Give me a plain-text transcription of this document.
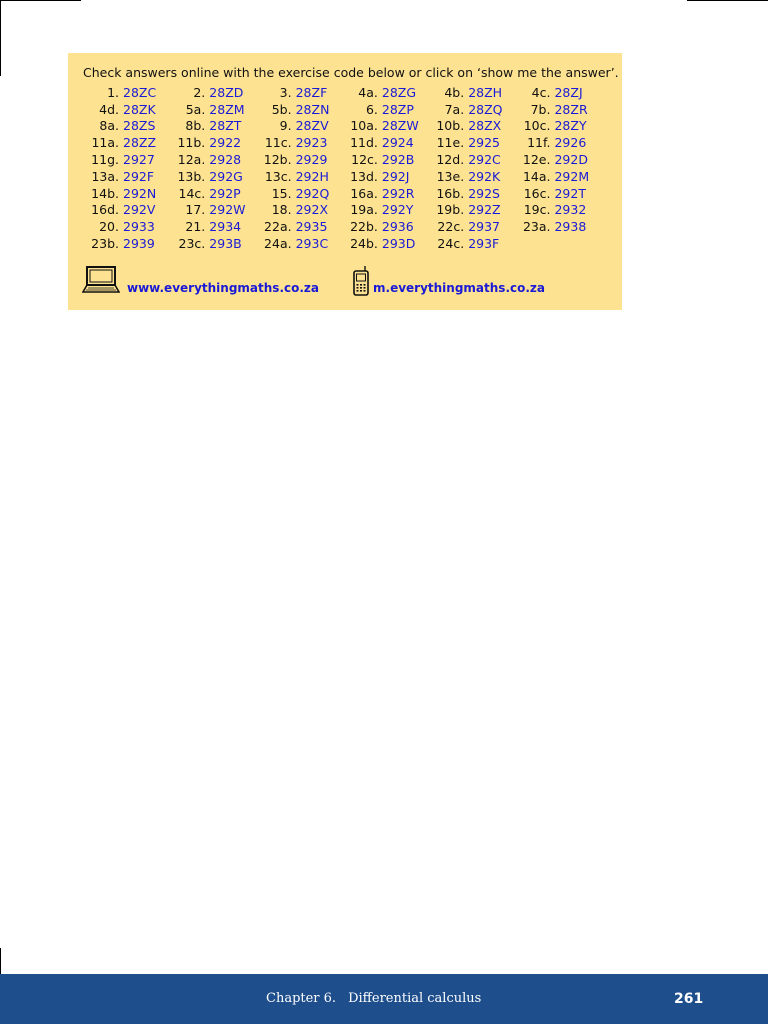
Check answers online with the exercise code below or click on ‘show me the answer’.
1. 28ZC	2. 28ZD	3. 28ZF	4a. 28ZG	4b. 28ZH	4c. 28ZJ
4d. 28ZK	5a. 28ZM	5b. 28ZN	6. 28ZP	7a. 28ZQ	7b. 28ZR
8a. 28ZS	8b. 28ZT	9. 28ZV	10a. 28ZW	10b. 28ZX	10c. 28ZY
11a. 28ZZ	11b. 2922	11c. 2923	11d. 2924	11e. 2925	11f. 2926
11g. 2927	12a. 2928	12b. 2929	12c. 292B	12d. 292C	12e. 292D
13a. 292F	13b. 292G	13c. 292H	13d. 292J	13e. 292K	14a. 292M
14b. 292N	14c. 292P	15. 292Q	16a. 292R	16b. 292S	16c. 292T
16d. 292V	17. 292W	18. 292X	19a. 292Y	19b. 292Z	19c. 2932
20. 2933	21. 2934	22a. 2935	22b. 2936	22c. 2937	23a. 2938
23b. 2939	23c. 293B	24a. 293C	24b. 293D	24c. 293F
www.everythingmaths.co.za	m.everythingmaths.co.za
Chapter 6. Differential calculus	261
